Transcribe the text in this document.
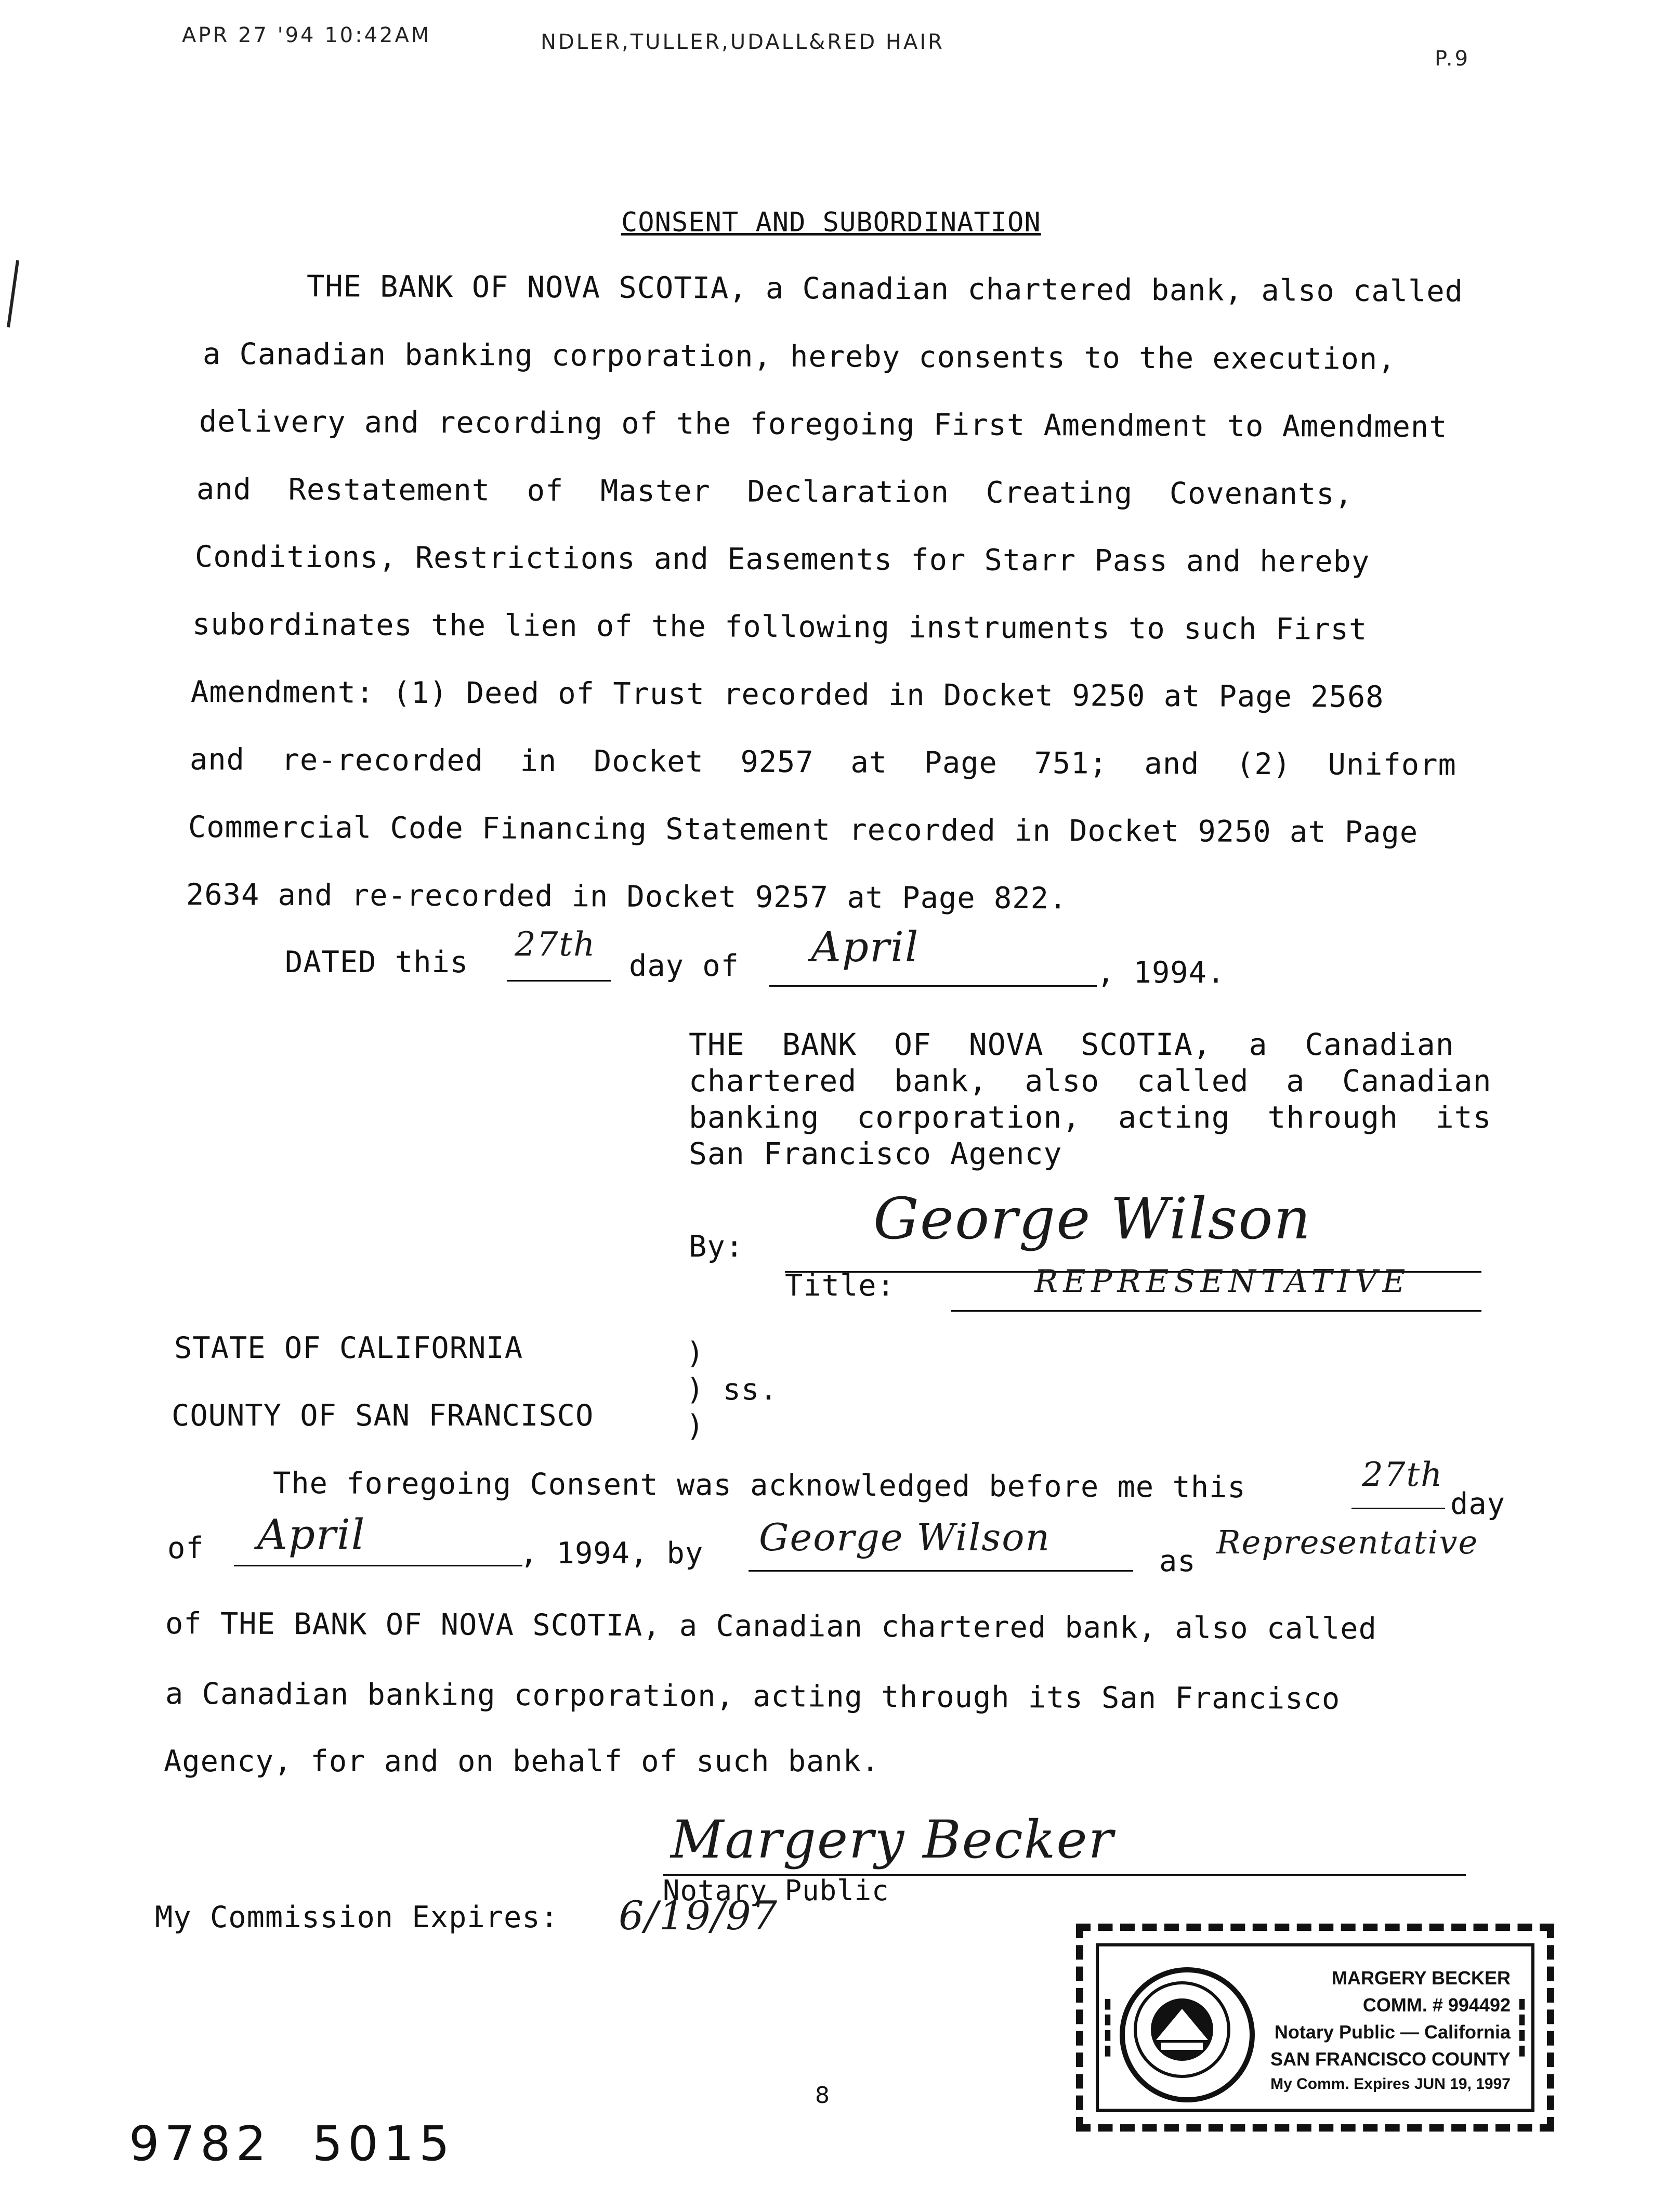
APR 27 '94 10:42AM	NDLER,TULLER,UDALL&RED HAIR
P.9
CONSENT AND SUBORDINATION
THE BANK OF NOVA SCOTIA, a Canadian chartered bank, also called
a Canadian banking corporation, hereby consents to the execution,
delivery and recording of the foregoing First Amendment to Amendment
and  Restatement  of  Master  Declaration  Creating  Covenants,
Conditions, Restrictions and Easements for Starr Pass and hereby
subordinates the lien of the following instruments to such First
Amendment: (1) Deed of Trust recorded in Docket 9250 at Page 2568
and  re-recorded  in  Docket  9257  at  Page  751;  and  (2)  Uniform
Commercial Code Financing Statement recorded in Docket 9250 at Page
2634 and re-recorded in Docket 9257 at Page 822.
DATED this 27th
day of April
, 1994.
THE  BANK  OF  NOVA  SCOTIA,  a  Canadian
chartered  bank,  also  called  a  Canadian
banking  corporation,  acting  through  its
San Francisco Agency
By: George Wilson
Title:	REPRESENTATIVE
STATE OF CALIFORNIA	)
) ss.
COUNTY OF SAN FRANCISCO	)
The foregoing Consent was acknowledged before me this	27th
day
of April	, 1994, by George Wilson
as Representative
of THE BANK OF NOVA SCOTIA, a Canadian chartered bank, also called
a Canadian banking corporation, acting through its San Francisco
Agency, for and on behalf of such bank.
Margery Becker
Notary Public
My Commission Expires: 6/19/97
▮▮▮▮	▮▮▮▮
MARGERY BECKER
COMM. # 994492
Notary Public — California
SAN FRANCISCO COUNTY
My Comm. Expires JUN 19, 1997
8
9782  5015
